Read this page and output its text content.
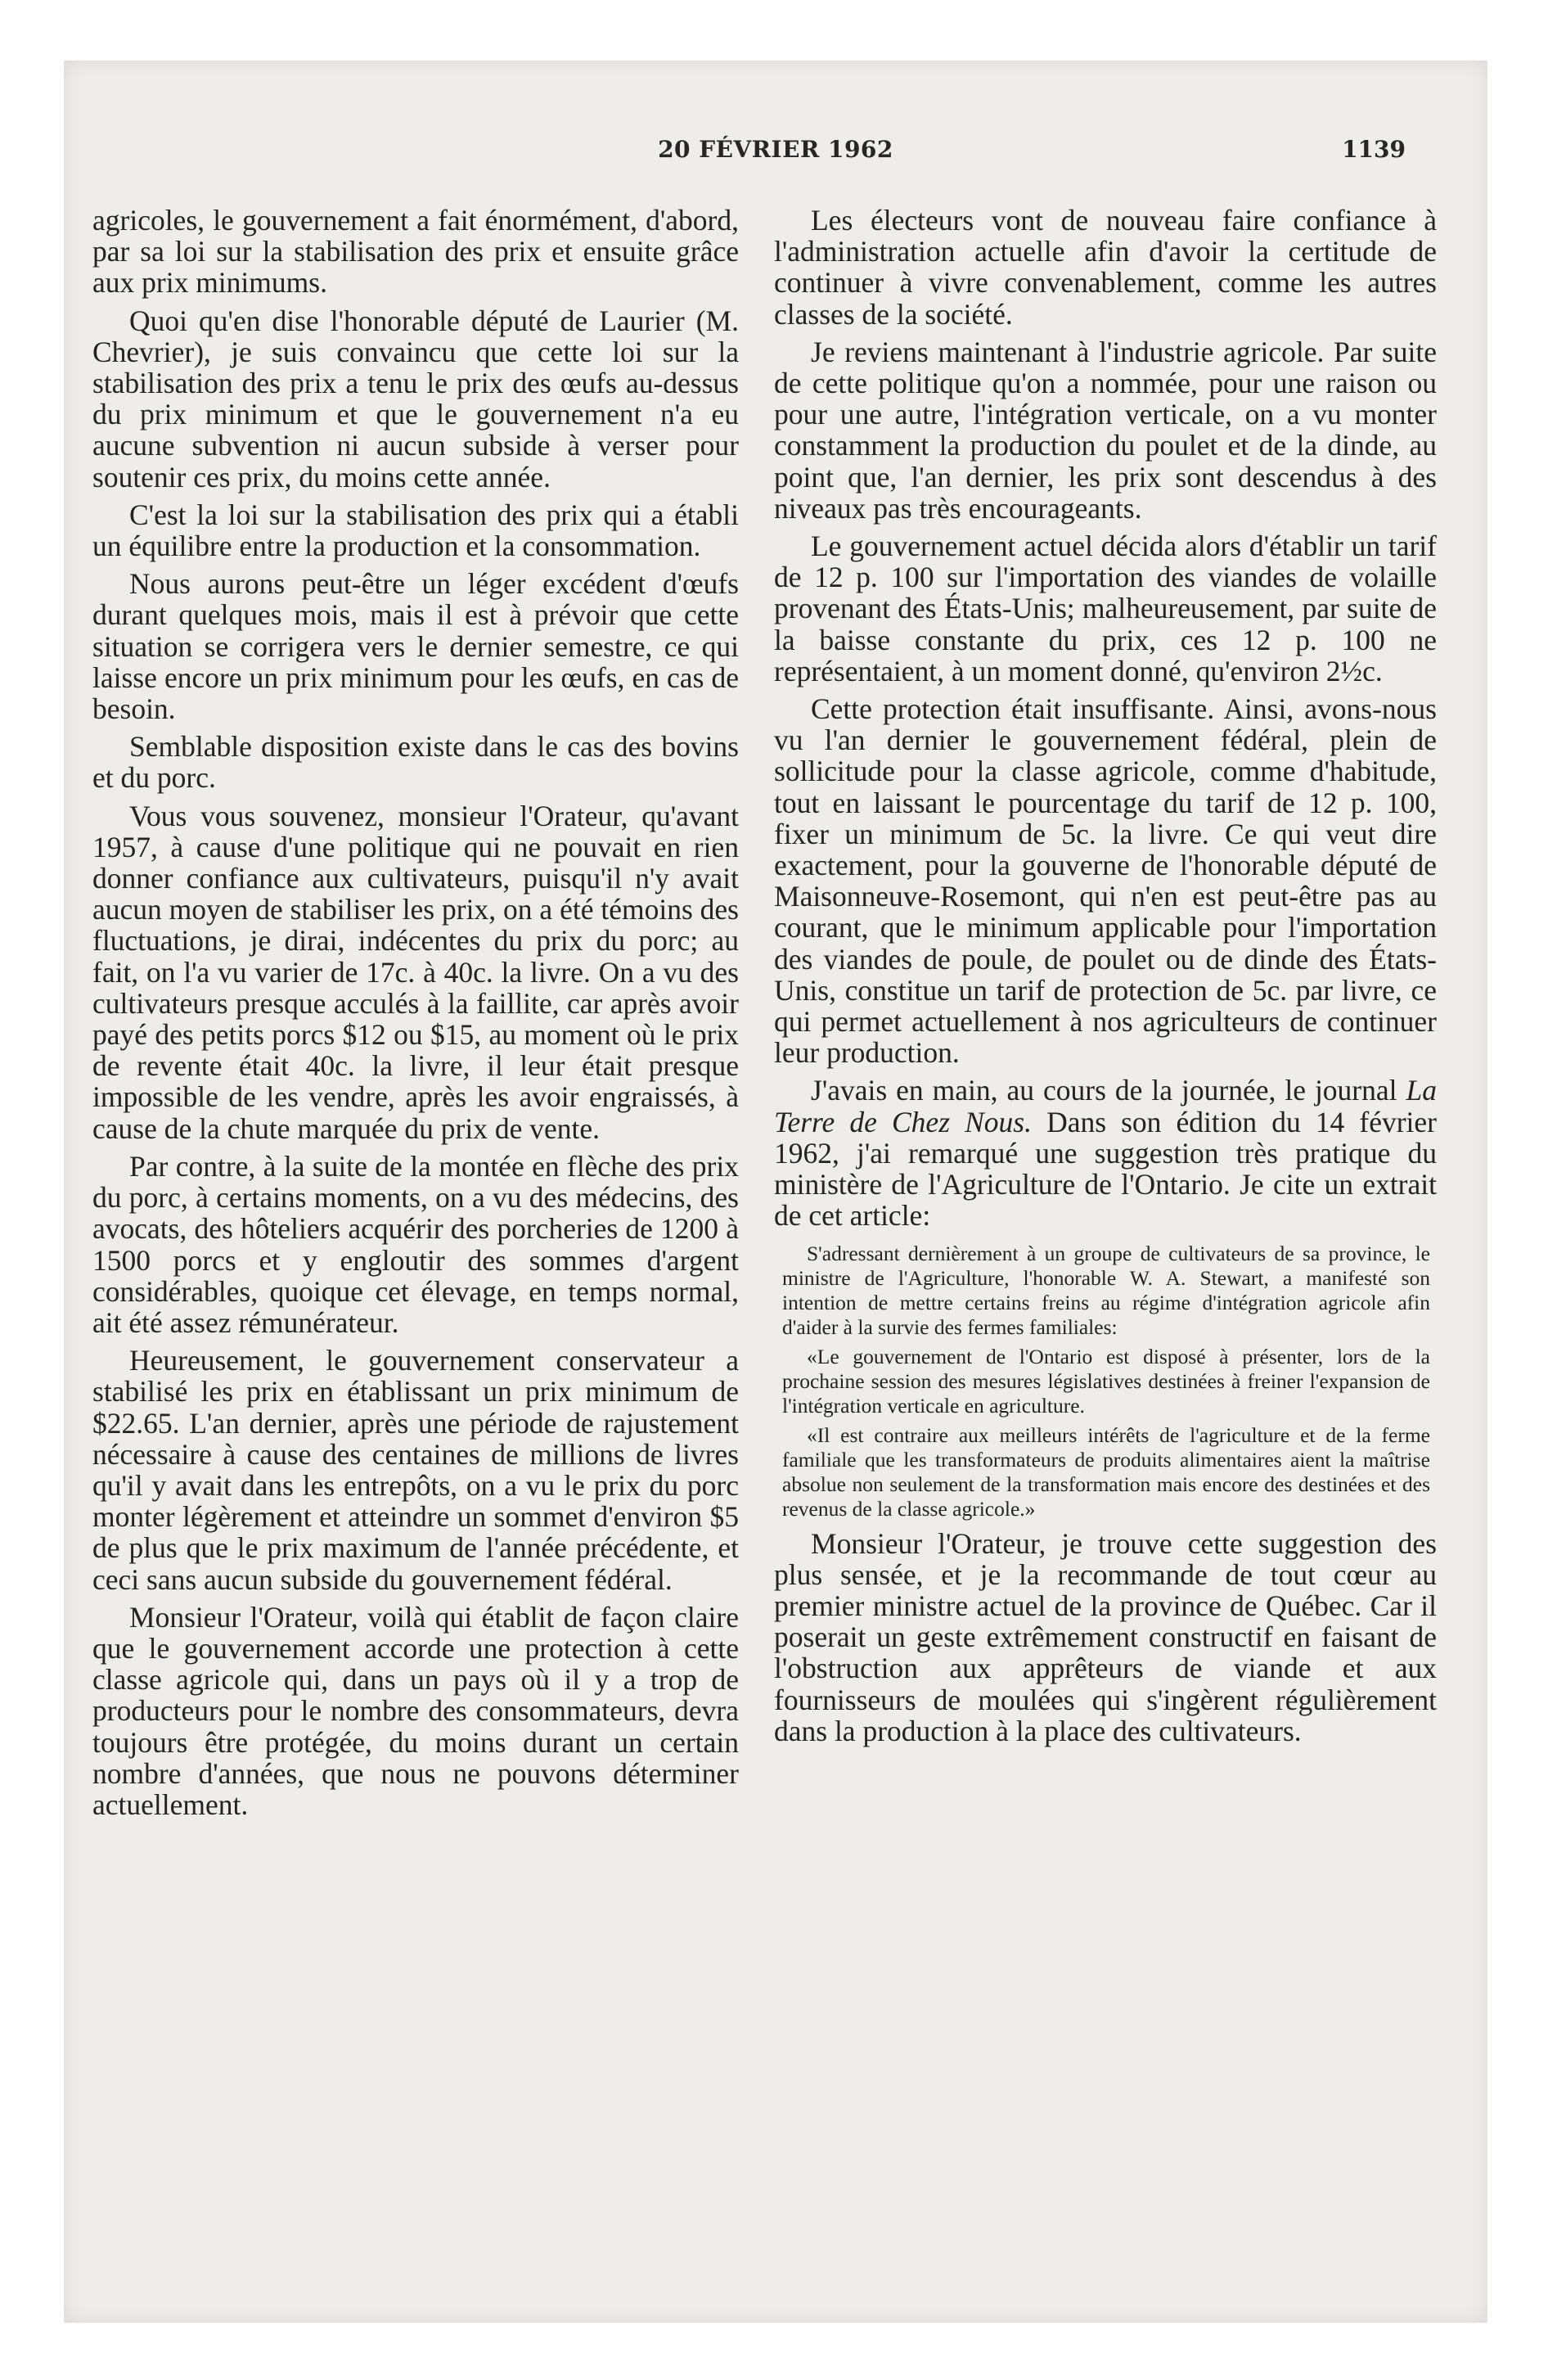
20 FÉVRIER 1962	1139

agricoles, le gouvernement a fait énormément, d'abord, par sa loi sur la stabilisation des prix et ensuite grâce aux prix minimums.

Quoi qu'en dise l'honorable député de Laurier (M. Chevrier), je suis convaincu que cette loi sur la stabilisation des prix a tenu le prix des œufs au-dessus du prix minimum et que le gouvernement n'a eu aucune subvention ni aucun subside à verser pour soutenir ces prix, du moins cette année.

C'est la loi sur la stabilisation des prix qui a établi un équilibre entre la production et la consommation.

Nous aurons peut-être un léger excédent d'œufs durant quelques mois, mais il est à prévoir que cette situation se corrigera vers le dernier semestre, ce qui laisse encore un prix minimum pour les œufs, en cas de besoin.

Semblable disposition existe dans le cas des bovins et du porc.

Vous vous souvenez, monsieur l'Orateur, qu'avant 1957, à cause d'une politique qui ne pouvait en rien donner confiance aux cultivateurs, puisqu'il n'y avait aucun moyen de stabiliser les prix, on a été témoins des fluctuations, je dirai, indécentes du prix du porc; au fait, on l'a vu varier de 17c. à 40c. la livre. On a vu des cultivateurs presque acculés à la faillite, car après avoir payé des petits porcs $12 ou $15, au moment où le prix de revente était 40c. la livre, il leur était presque impossible de les vendre, après les avoir engraissés, à cause de la chute marquée du prix de vente.

Par contre, à la suite de la montée en flèche des prix du porc, à certains moments, on a vu des médecins, des avocats, des hôteliers acquérir des porcheries de 1200 à 1500 porcs et y engloutir des sommes d'argent considérables, quoique cet élevage, en temps normal, ait été assez rémunérateur.

Heureusement, le gouvernement conservateur a stabilisé les prix en établissant un prix minimum de $22.65. L'an dernier, après une période de rajustement nécessaire à cause des centaines de millions de livres qu'il y avait dans les entrepôts, on a vu le prix du porc monter légèrement et atteindre un sommet d'environ $5 de plus que le prix maximum de l'année précédente, et ceci sans aucun subside du gouvernement fédéral.

Monsieur l'Orateur, voilà qui établit de façon claire que le gouvernement accorde une protection à cette classe agricole qui, dans un pays où il y a trop de producteurs pour le nombre des consommateurs, devra toujours être protégée, du moins durant un certain nombre d'années, que nous ne pouvons déterminer actuellement.

Les électeurs vont de nouveau faire confiance à l'administration actuelle afin d'avoir la certitude de continuer à vivre convenablement, comme les autres classes de la société.

Je reviens maintenant à l'industrie agricole. Par suite de cette politique qu'on a nommée, pour une raison ou pour une autre, l'intégration verticale, on a vu monter constamment la production du poulet et de la dinde, au point que, l'an dernier, les prix sont descendus à des niveaux pas très encourageants.

Le gouvernement actuel décida alors d'établir un tarif de 12 p. 100 sur l'importation des viandes de volaille provenant des États-Unis; malheureusement, par suite de la baisse constante du prix, ces 12 p. 100 ne représentaient, à un moment donné, qu'environ 2½c.

Cette protection était insuffisante. Ainsi, avons-nous vu l'an dernier le gouvernement fédéral, plein de sollicitude pour la classe agricole, comme d'habitude, tout en laissant le pourcentage du tarif de 12 p. 100, fixer un minimum de 5c. la livre. Ce qui veut dire exactement, pour la gouverne de l'honorable député de Maisonneuve-Rosemont, qui n'en est peut-être pas au courant, que le minimum applicable pour l'importation des viandes de poule, de poulet ou de dinde des États-Unis, constitue un tarif de protection de 5c. par livre, ce qui permet actuellement à nos agriculteurs de continuer leur production.

J'avais en main, au cours de la journée, le journal La Terre de Chez Nous. Dans son édition du 14 février 1962, j'ai remarqué une suggestion très pratique du ministère de l'Agriculture de l'Ontario. Je cite un extrait de cet article:

S'adressant dernièrement à un groupe de cultivateurs de sa province, le ministre de l'Agriculture, l'honorable W. A. Stewart, a manifesté son intention de mettre certains freins au régime d'intégration agricole afin d'aider à la survie des fermes familiales:

«Le gouvernement de l'Ontario est disposé à présenter, lors de la prochaine session des mesures législatives destinées à freiner l'expansion de l'intégration verticale en agriculture.

«Il est contraire aux meilleurs intérêts de l'agriculture et de la ferme familiale que les transformateurs de produits alimentaires aient la maîtrise absolue non seulement de la transformation mais encore des destinées et des revenus de la classe agricole.»

Monsieur l'Orateur, je trouve cette suggestion des plus sensée, et je la recommande de tout cœur au premier ministre actuel de la province de Québec. Car il poserait un geste extrêmement constructif en faisant de l'obstruction aux apprêteurs de viande et aux fournisseurs de moulées qui s'ingèrent régulièrement dans la production à la place des cultivateurs.
